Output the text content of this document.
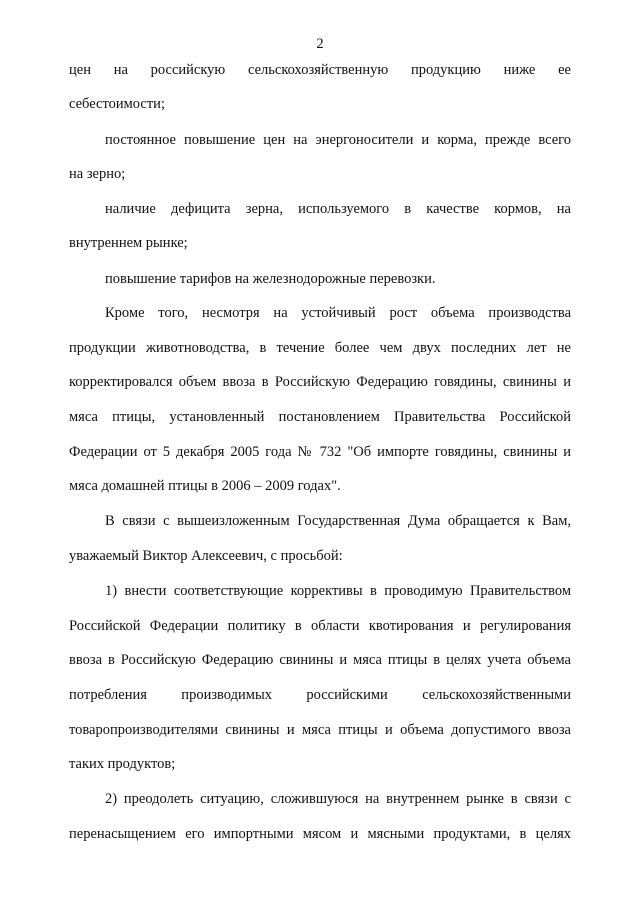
2
цен на российскую сельскохозяйственную продукцию ниже ее
себестоимости;
постоянное повышение цен на энергоносители и корма, прежде всего
на зерно;
наличие дефицита зерна, используемого в качестве кормов, на
внутреннем рынке;
повышение тарифов на железнодорожные перевозки.
Кроме того, несмотря на устойчивый рост объема производства
продукции животноводства, в течение более чем двух последних лет не
корректировался объем ввоза в Российскую Федерацию говядины, свинины и
мяса птицы, установленный постановлением Правительства Российской
Федерации от 5 декабря 2005 года № 732 "Об импорте говядины, свинины и
мяса домашней птицы в 2006 – 2009 годах".
В связи с вышеизложенным Государственная Дума обращается к Вам,
уважаемый Виктор Алексеевич, с просьбой:
1) внести соответствующие коррективы в проводимую Правительством
Российской Федерации политику в области квотирования и регулирования
ввоза в Российскую Федерацию свинины и мяса птицы в целях учета объема
потребления производимых российскими сельскохозяйственными
товаропроизводителями свинины и мяса птицы и объема допустимого ввоза
таких продуктов;
2) преодолеть ситуацию, сложившуюся на внутреннем рынке в связи с
перенасыщением его импортными мясом и мясными продуктами, в целях
